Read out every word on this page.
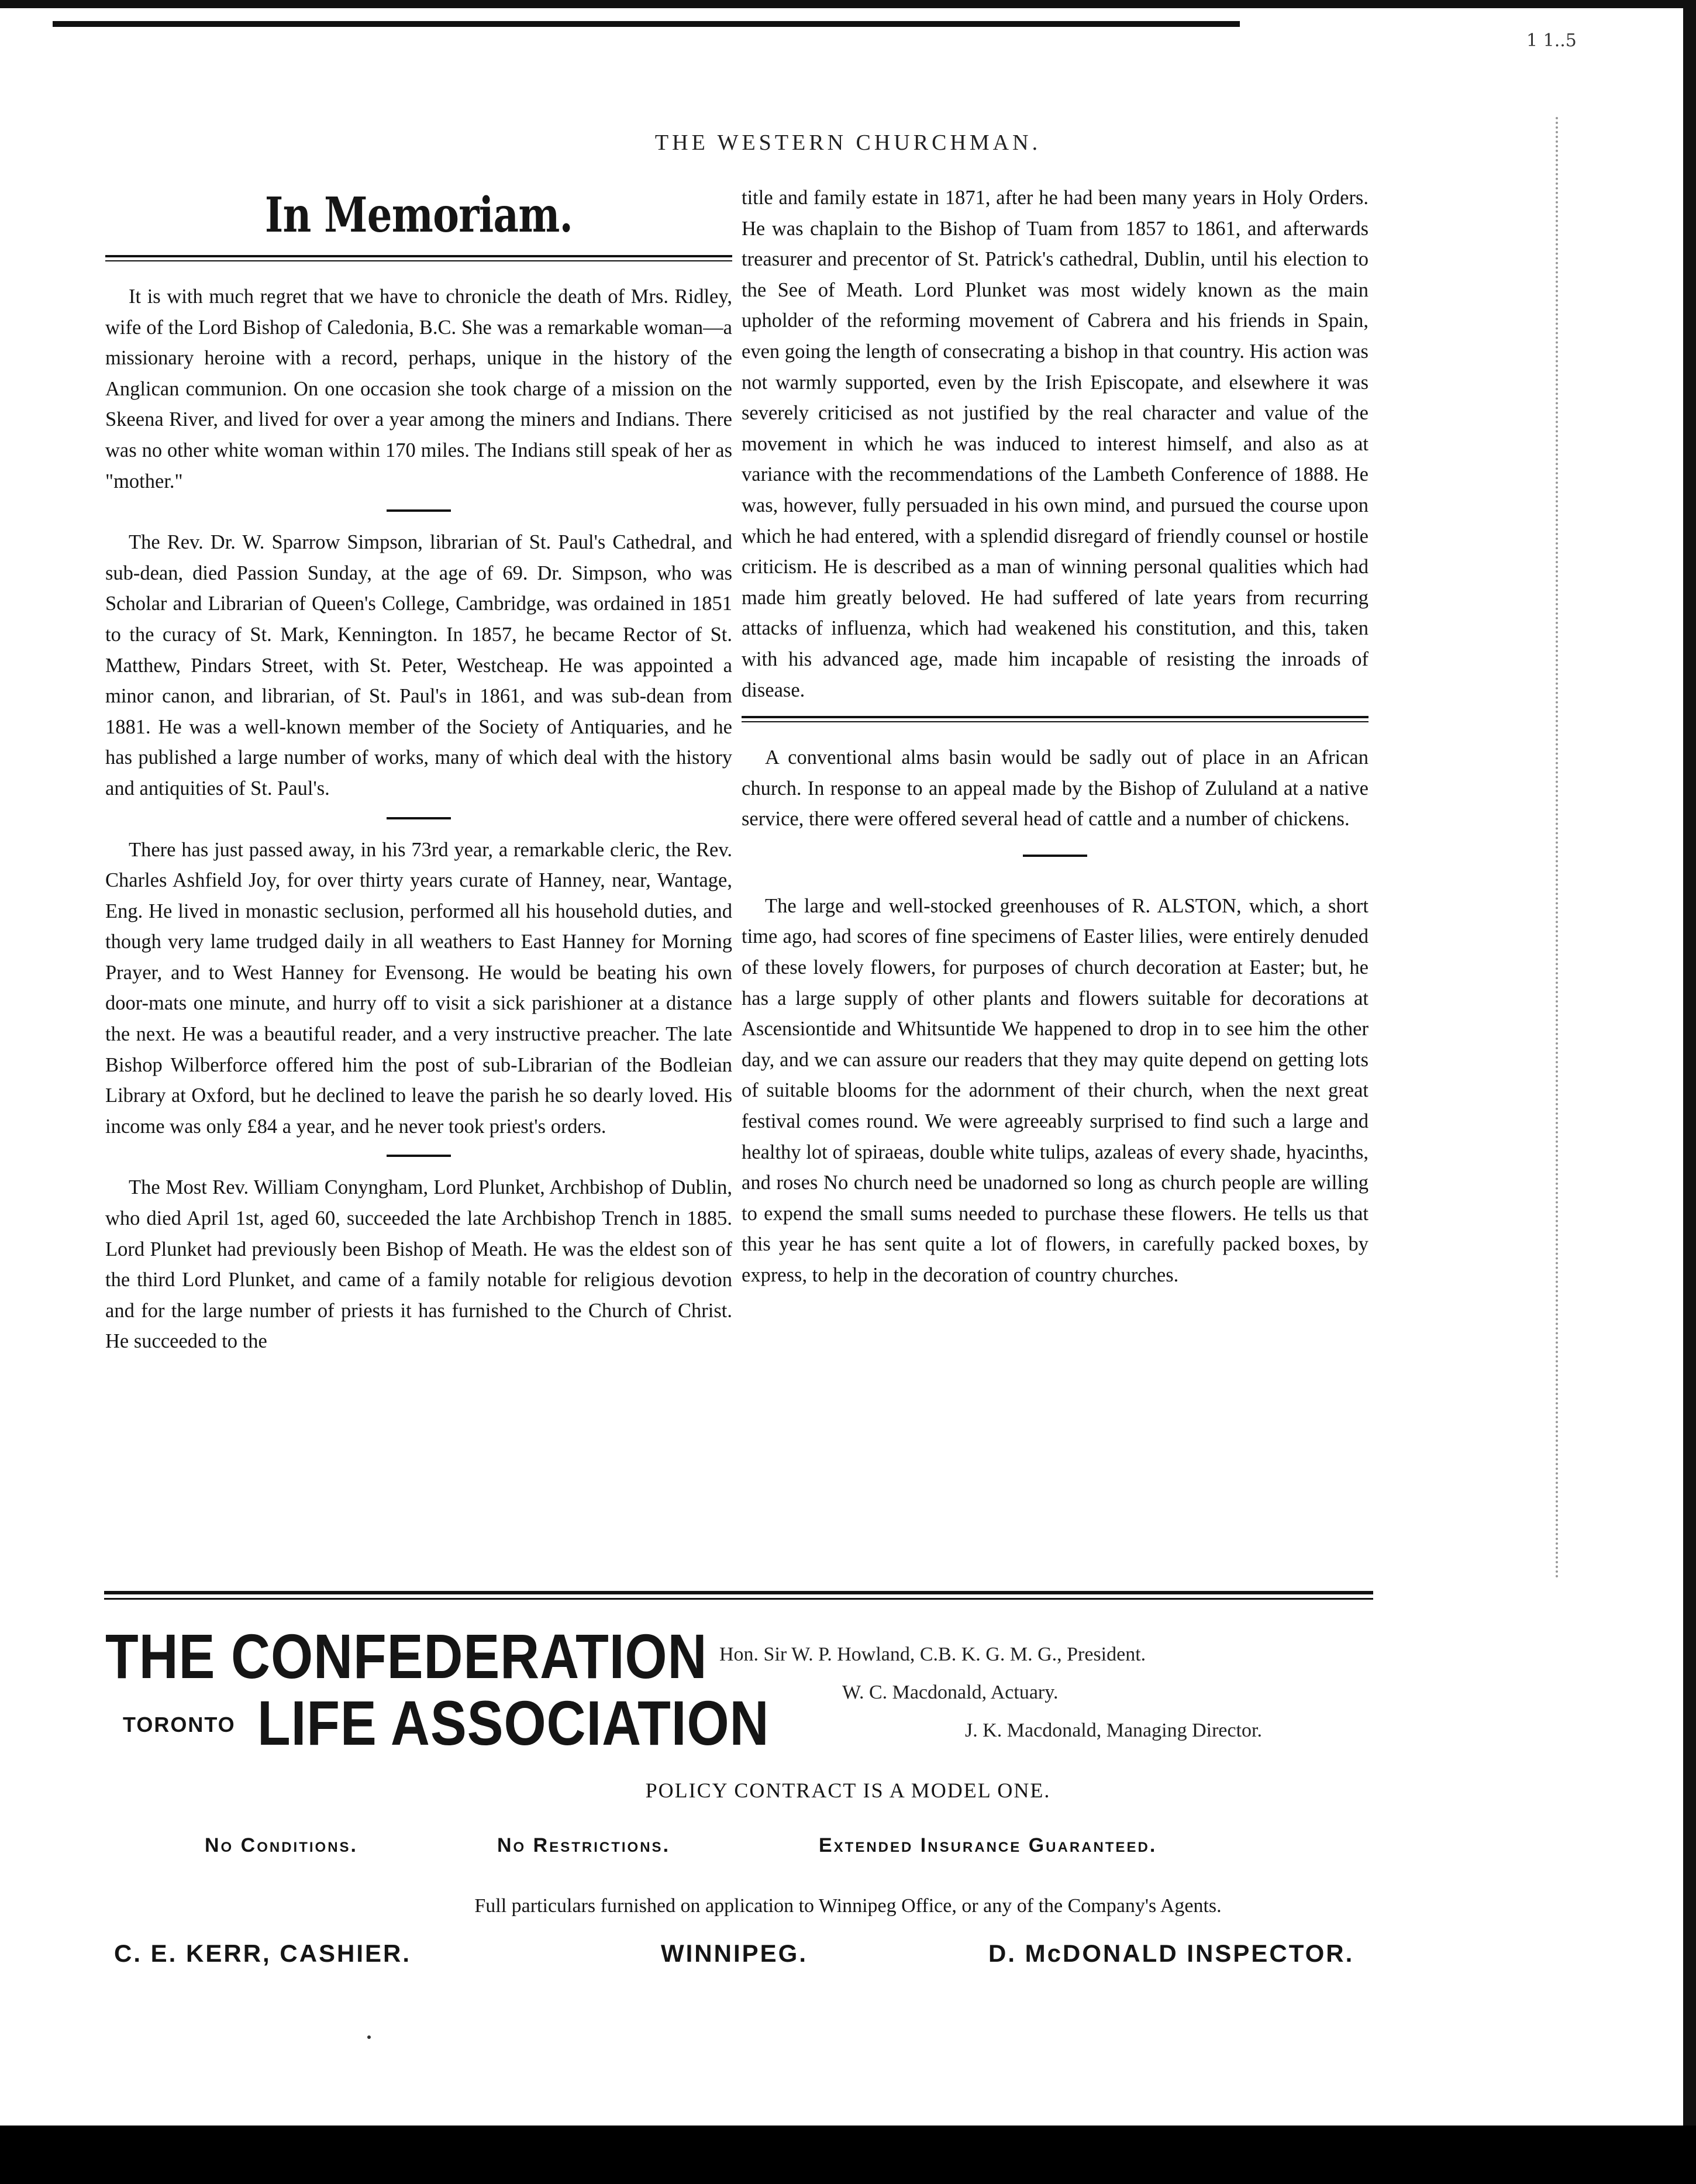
1 1..5
THE WESTERN CHURCHMAN.
In Memoriam.

It is with much regret that we have to chronicle the death of Mrs. Ridley, wife of the Lord Bishop of Caledonia, B.C. She was a remarkable woman—a missionary heroine with a record, perhaps, unique in the history of the Anglican communion. On one occasion she took charge of a mission on the Skeena River, and lived for over a year among the miners and Indians. There was no other white woman within 170 miles. The Indians still speak of her as "mother."

The Rev. Dr. W. Sparrow Simpson, librarian of St. Paul's Cathedral, and sub-dean, died Passion Sunday, at the age of 69. Dr. Simpson, who was Scholar and Librarian of Queen's College, Cambridge, was ordained in 1851 to the curacy of St. Mark, Kennington. In 1857, he became Rector of St. Matthew, Pindars Street, with St. Peter, Westcheap. He was appointed a minor canon, and librarian, of St. Paul's in 1861, and was sub-dean from 1881. He was a well-known member of the Society of Antiquaries, and he has published a large number of works, many of which deal with the history and antiquities of St. Paul's.

There has just passed away, in his 73rd year, a remarkable cleric, the Rev. Charles Ashfield Joy, for over thirty years curate of Hanney, near, Wantage, Eng. He lived in monastic seclusion, performed all his household duties, and though very lame trudged daily in all weathers to East Hanney for Morning Prayer, and to West Hanney for Evensong. He would be beating his own door-mats one minute, and hurry off to visit a sick parishioner at a distance the next. He was a beautiful reader, and a very instructive preacher. The late Bishop Wilberforce offered him the post of sub-Librarian of the Bodleian Library at Oxford, but he declined to leave the parish he so dearly loved. His income was only £84 a year, and he never took priest's orders.

The Most Rev. William Conyngham, Lord Plunket, Archbishop of Dublin, who died April 1st, aged 60, succeeded the late Archbishop Trench in 1885. Lord Plunket had previously been Bishop of Meath. He was the eldest son of the third Lord Plunket, and came of a family notable for religious devotion and for the large number of priests it has furnished to the Church of Christ. He succeeded to the

title and family estate in 1871, after he had been many years in Holy Orders. He was chaplain to the Bishop of Tuam from 1857 to 1861, and afterwards treasurer and precentor of St. Patrick's cathedral, Dublin, until his election to the See of Meath. Lord Plunket was most widely known as the main upholder of the reforming movement of Cabrera and his friends in Spain, even going the length of consecrating a bishop in that country. His action was not warmly supported, even by the Irish Episcopate, and elsewhere it was severely criticised as not justified by the real character and value of the movement in which he was induced to interest himself, and also as at variance with the recommendations of the Lambeth Conference of 1888. He was, however, fully persuaded in his own mind, and pursued the course upon which he had entered, with a splendid disregard of friendly counsel or hostile criticism. He is described as a man of winning personal qualities which had made him greatly beloved. He had suffered of late years from recurring attacks of influenza, which had weakened his constitution, and this, taken with his advanced age, made him incapable of resisting the inroads of disease.

A conventional alms basin would be sadly out of place in an African church. In response to an appeal made by the Bishop of Zululand at a native service, there were offered several head of cattle and a number of chickens.

The large and well-stocked greenhouses of R. ALSTON, which, a short time ago, had scores of fine specimens of Easter lilies, were entirely denuded of these lovely flowers, for purposes of church decoration at Easter; but, he has a large supply of other plants and flowers suitable for decorations at Ascensiontide and Whitsuntide We happened to drop in to see him the other day, and we can assure our readers that they may quite depend on getting lots of suitable blooms for the adornment of their church, when the next great festival comes round. We were agreeably surprised to find such a large and healthy lot of spiraeas, double white tulips, azaleas of every shade, hyacinths, and roses No church need be unadorned so long as church people are willing to expend the small sums needed to purchase these flowers. He tells us that this year he has sent quite a lot of flowers, in carefully packed boxes, by express, to help in the decoration of country churches.

THE CONFEDERATION
TORONTO LIFE ASSOCIATION
Hon. Sir W. P. Howland, C.B. K. G. M. G., President.
W. C. Macdonald, Actuary.
J. K. Macdonald, Managing Director.
POLICY CONTRACT IS A MODEL ONE.
No Conditions.	No Restrictions.	Extended Insurance Guaranteed.
Full particulars furnished on application to Winnipeg Office, or any of the Company's Agents.
C. E. KERR, CASHIER.	WINNIPEG.	D. McDONALD INSPECTOR.
